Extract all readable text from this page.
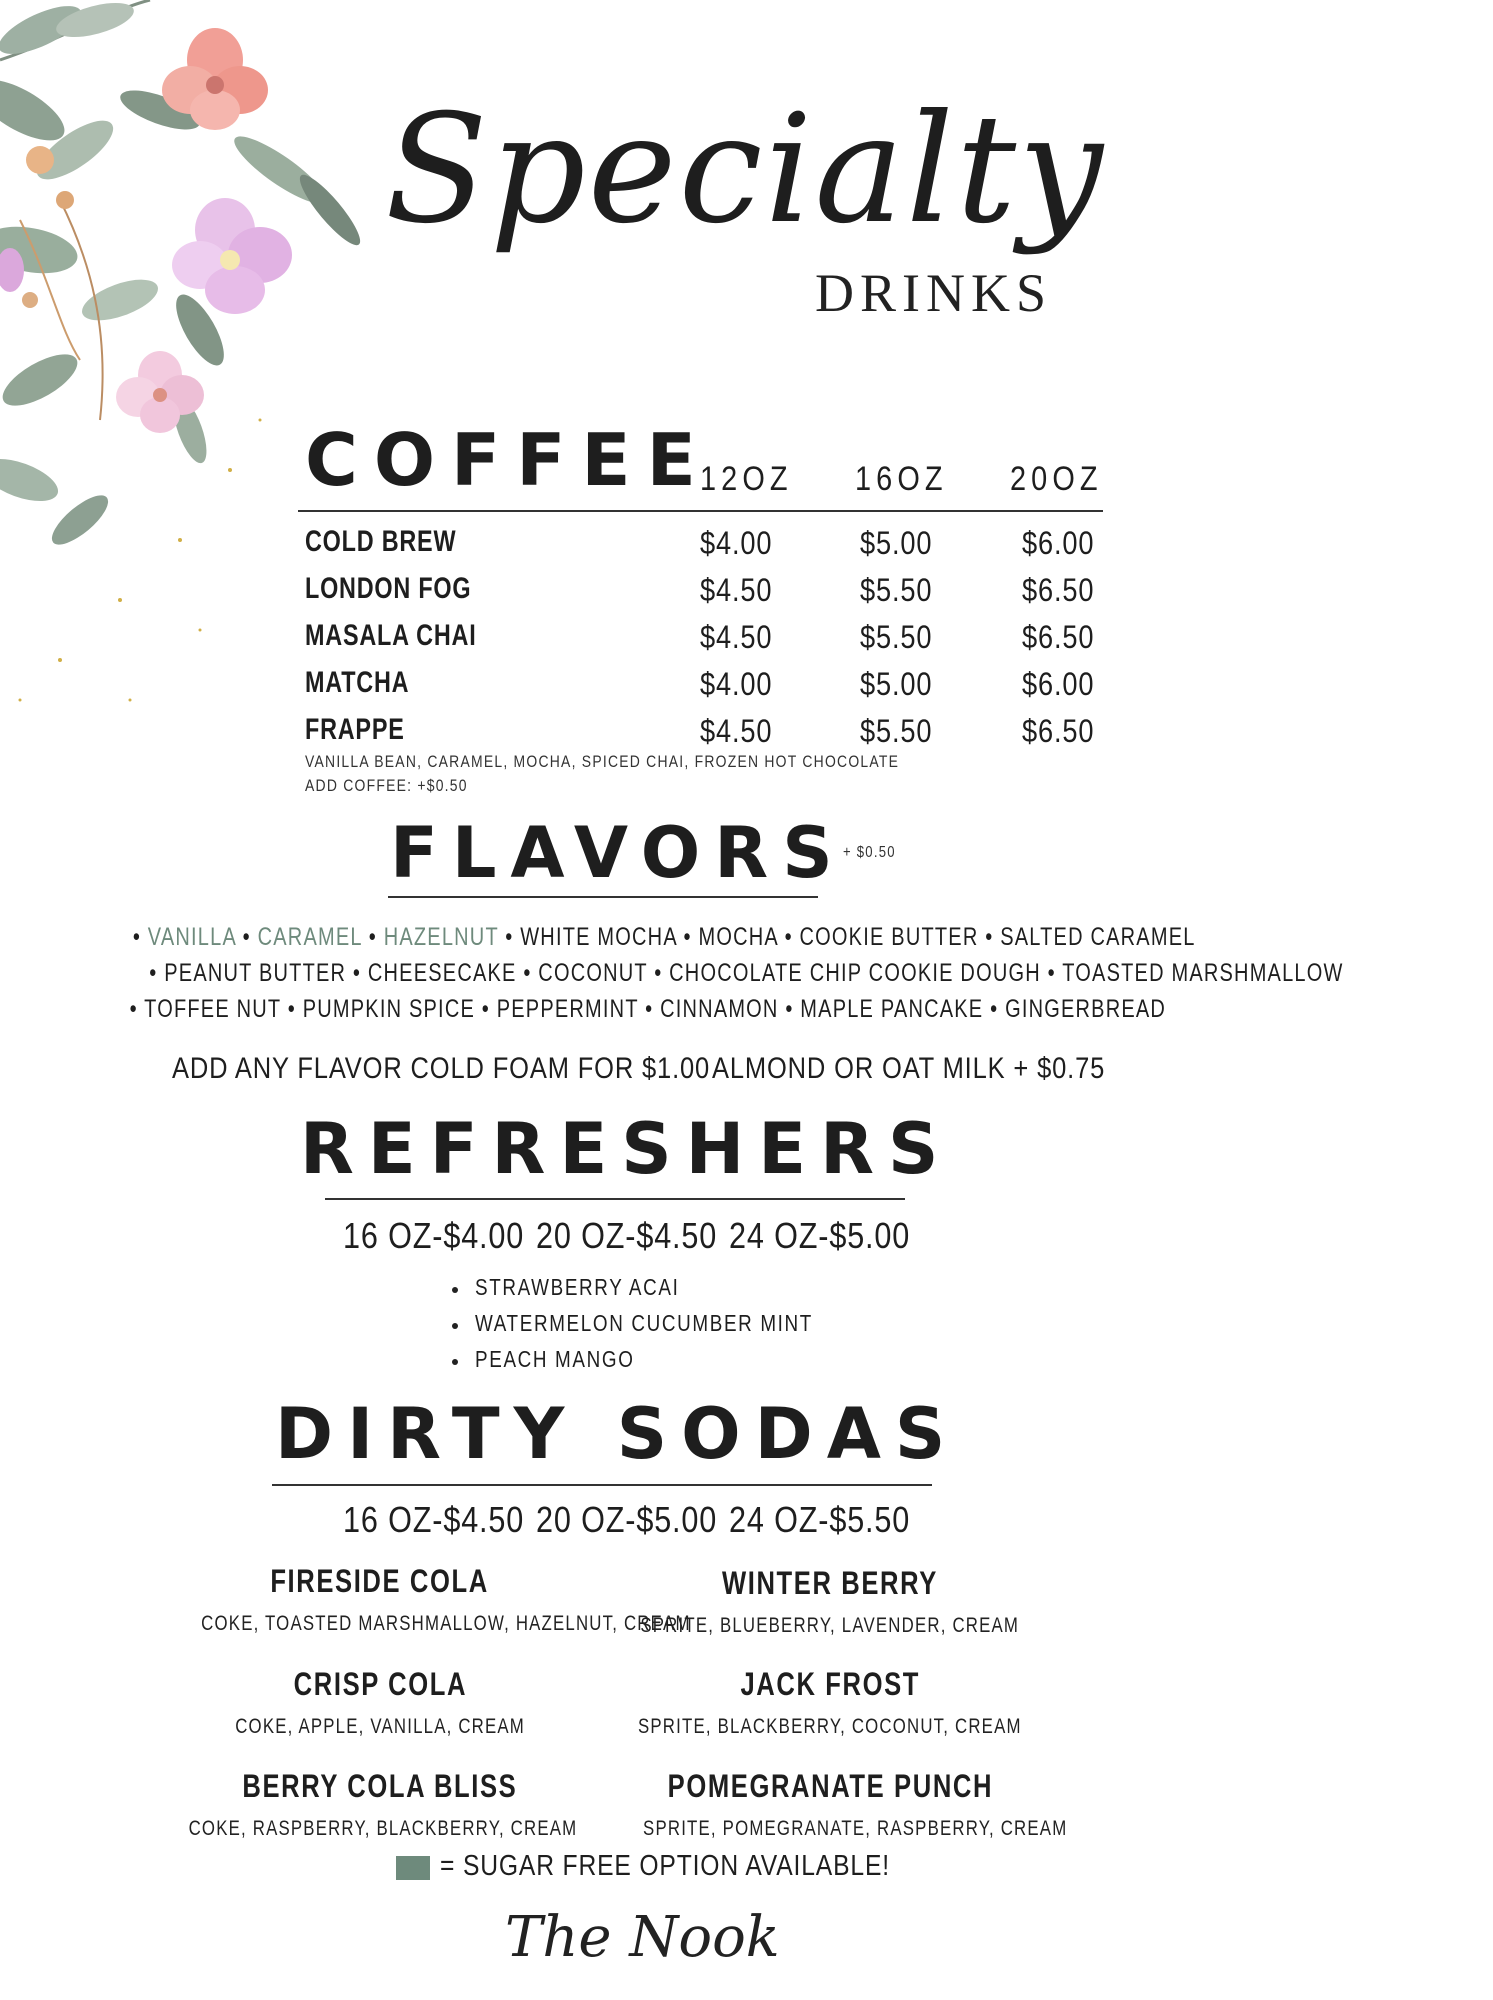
Specialty
DRINKS
COFFEE
12OZ 16OZ 20OZ
COLD BREW	$4.00	$5.00	$6.00
LONDON FOG	$4.50	$5.50	$6.50
MASALA CHAI	$4.50	$5.50	$6.50
MATCHA	$4.00	$5.00	$6.00
FRAPPE	$4.50	$5.50	$6.50
VANILLA BEAN, CARAMEL, MOCHA, SPICED CHAI, FROZEN HOT CHOCOLATE
ADD COFFEE: +$0.50
FLAVORS
+ $0.50
• VANILLA • CARAMEL • HAZELNUT • WHITE MOCHA • MOCHA • COOKIE BUTTER • SALTED CARAMEL
• PEANUT BUTTER • CHEESECAKE • COCONUT • CHOCOLATE CHIP COOKIE DOUGH • TOASTED MARSHMALLOW
• TOFFEE NUT • PUMPKIN SPICE • PEPPERMINT • CINNAMON • MAPLE PANCAKE • GINGERBREAD
ADD ANY FLAVOR COLD FOAM FOR $1.00 ALMOND OR OAT MILK + $0.75
REFRESHERS
16 OZ-$4.00 20 OZ-$4.50 24 OZ-$5.00
STRAWBERRY ACAI
WATERMELON CUCUMBER MINT
PEACH MANGO
DIRTY SODAS
16 OZ-$4.50 20 OZ-$5.00 24 OZ-$5.50
FIRESIDE COLA
COKE, TOASTED MARSHMALLOW, HAZELNUT, CREAM
WINTER BERRY
SPRITE, BLUEBERRY, LAVENDER, CREAM
CRISP COLA
COKE, APPLE, VANILLA, CREAM
JACK FROST
SPRITE, BLACKBERRY, COCONUT, CREAM
BERRY COLA BLISS
COKE, RASPBERRY, BLACKBERRY, CREAM
POMEGRANATE PUNCH
SPRITE, POMEGRANATE, RASPBERRY, CREAM
= SUGAR FREE OPTION AVAILABLE!
The Nook
